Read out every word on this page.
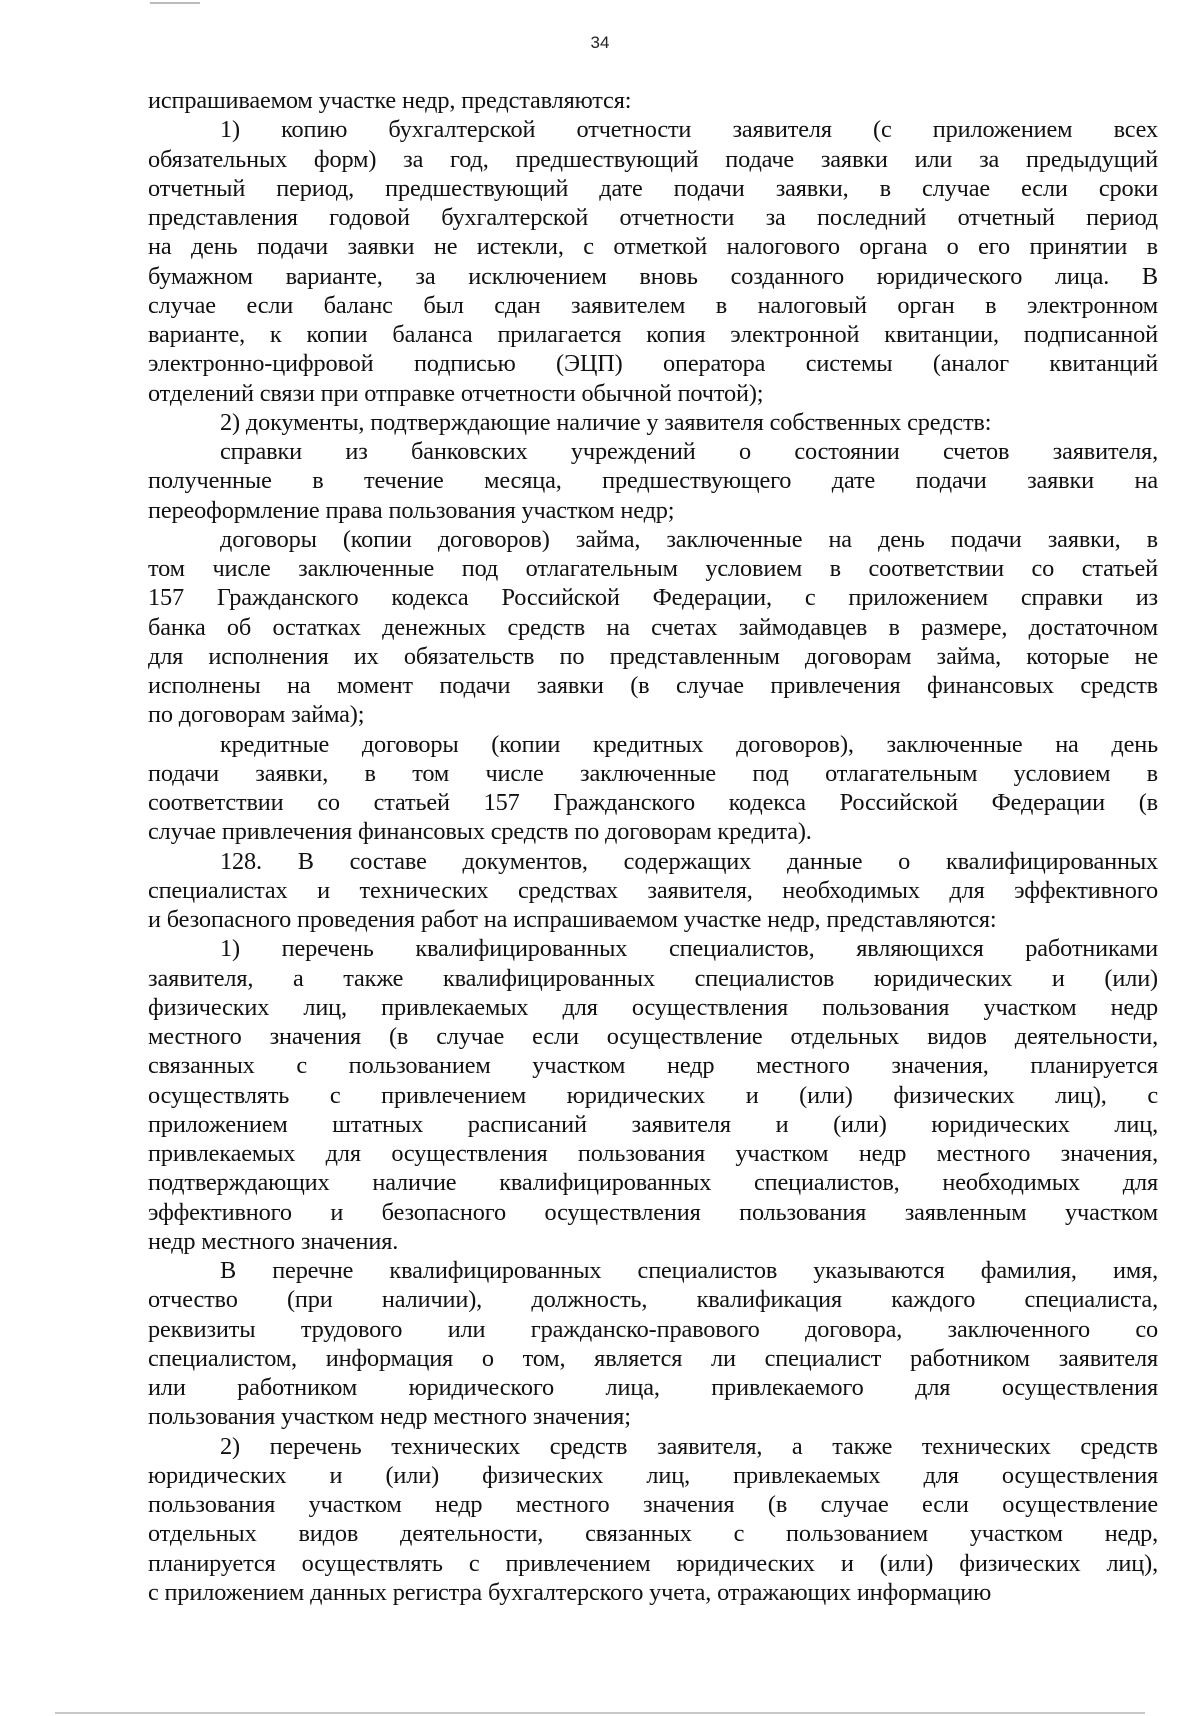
34

испрашиваемом участке недр, представляются:

1) копию бухгалтерской отчетности заявителя (с приложением всех
обязательных форм) за год, предшествующий подаче заявки или за предыдущий
отчетный период, предшествующий дате подачи заявки, в случае если сроки
представления годовой бухгалтерской отчетности за последний отчетный период
на день подачи заявки не истекли, с отметкой налогового органа о его принятии в
бумажном варианте, за исключением вновь созданного юридического лица. В
случае если баланс был сдан заявителем в налоговый орган в электронном
варианте, к копии баланса прилагается копия электронной квитанции, подписанной
электронно-цифровой подписью (ЭЦП) оператора системы (аналог квитанций
отделений связи при отправке отчетности обычной почтой);

2) документы, подтверждающие наличие у заявителя собственных средств:

справки из банковских учреждений о состоянии счетов заявителя,
полученные в течение месяца, предшествующего дате подачи заявки на
переоформление права пользования участком недр;

договоры (копии договоров) займа, заключенные на день подачи заявки, в
том числе заключенные под отлагательным условием в соответствии со статьей
157 Гражданского кодекса Российской Федерации, с приложением справки из
банка об остатках денежных средств на счетах займодавцев в размере, достаточном
для исполнения их обязательств по представленным договорам займа, которые не
исполнены на момент подачи заявки (в случае привлечения финансовых средств
по договорам займа);

кредитные договоры (копии кредитных договоров), заключенные на день
подачи заявки, в том числе заключенные под отлагательным условием в
соответствии со статьей 157 Гражданского кодекса Российской Федерации (в
случае привлечения финансовых средств по договорам кредита).

128. В составе документов, содержащих данные о квалифицированных
специалистах и технических средствах заявителя, необходимых для эффективного
и безопасного проведения работ на испрашиваемом участке недр, представляются:

1) перечень квалифицированных специалистов, являющихся работниками
заявителя, а также квалифицированных специалистов юридических и (или)
физических лиц, привлекаемых для осуществления пользования участком недр
местного значения (в случае если осуществление отдельных видов деятельности,
связанных с пользованием участком недр местного значения, планируется
осуществлять с привлечением юридических и (или) физических лиц), с
приложением штатных расписаний заявителя и (или) юридических лиц,
привлекаемых для осуществления пользования участком недр местного значения,
подтверждающих наличие квалифицированных специалистов, необходимых для
эффективного и безопасного осуществления пользования заявленным участком
недр местного значения.

В перечне квалифицированных специалистов указываются фамилия, имя,
отчество (при наличии), должность, квалификация каждого специалиста,
реквизиты трудового или гражданско-правового договора, заключенного со
специалистом, информация о том, является ли специалист работником заявителя
или работником юридического лица, привлекаемого для осуществления
пользования участком недр местного значения;

2) перечень технических средств заявителя, а также технических средств
юридических и (или) физических лиц, привлекаемых для осуществления
пользования участком недр местного значения (в случае если осуществление
отдельных видов деятельности, связанных с пользованием участком недр,
планируется осуществлять с привлечением юридических и (или) физических лиц),
с приложением данных регистра бухгалтерского учета, отражающих информацию
